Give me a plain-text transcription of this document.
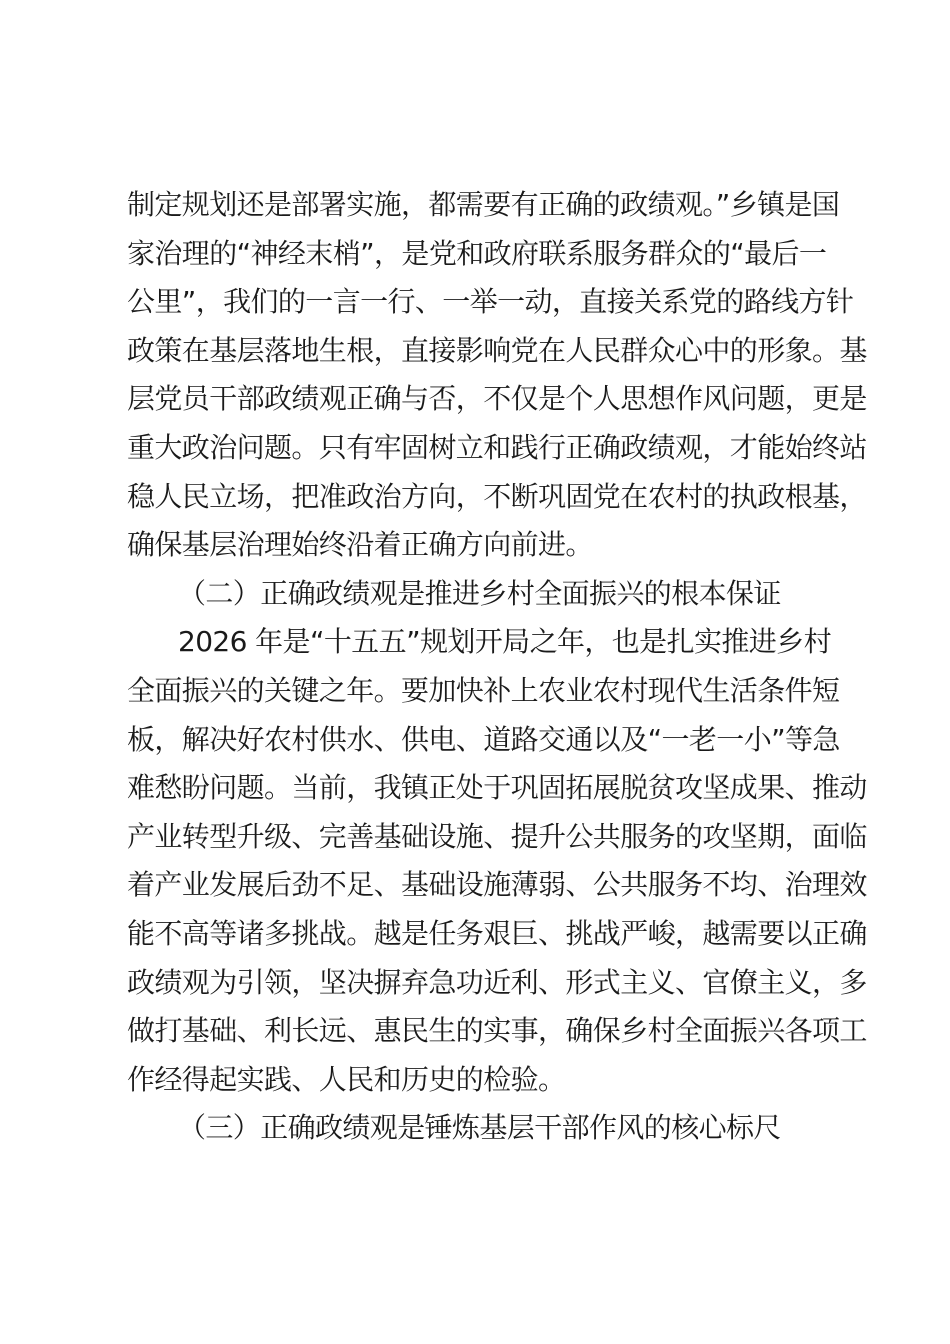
制定规划还是部署实施，都需要有正确的政绩观。”乡镇是国
家治理的“神经末梢”，是党和政府联系服务群众的“最后一
公里”，我们的一言一行、一举一动，直接关系党的路线方针
政策在基层落地生根，直接影响党在人民群众心中的形象。基
层党员干部政绩观正确与否，不仅是个人思想作风问题，更是
重大政治问题。只有牢固树立和践行正确政绩观，才能始终站
稳人民立场，把准政治方向，不断巩固党在农村的执政根基，
确保基层治理始终沿着正确方向前进。
（二）正确政绩观是推进乡村全面振兴的根本保证
2026 年是“十五五”规划开局之年，也是扎实推进乡村
全面振兴的关键之年。要加快补上农业农村现代生活条件短
板，解决好农村供水、供电、道路交通以及“一老一小”等急
难愁盼问题。当前，我镇正处于巩固拓展脱贫攻坚成果、推动
产业转型升级、完善基础设施、提升公共服务的攻坚期，面临
着产业发展后劲不足、基础设施薄弱、公共服务不均、治理效
能不高等诸多挑战。越是任务艰巨、挑战严峻，越需要以正确
政绩观为引领，坚决摒弃急功近利、形式主义、官僚主义，多
做打基础、利长远、惠民生的实事，确保乡村全面振兴各项工
作经得起实践、人民和历史的检验。
（三）正确政绩观是锤炼基层干部作风的核心标尺
